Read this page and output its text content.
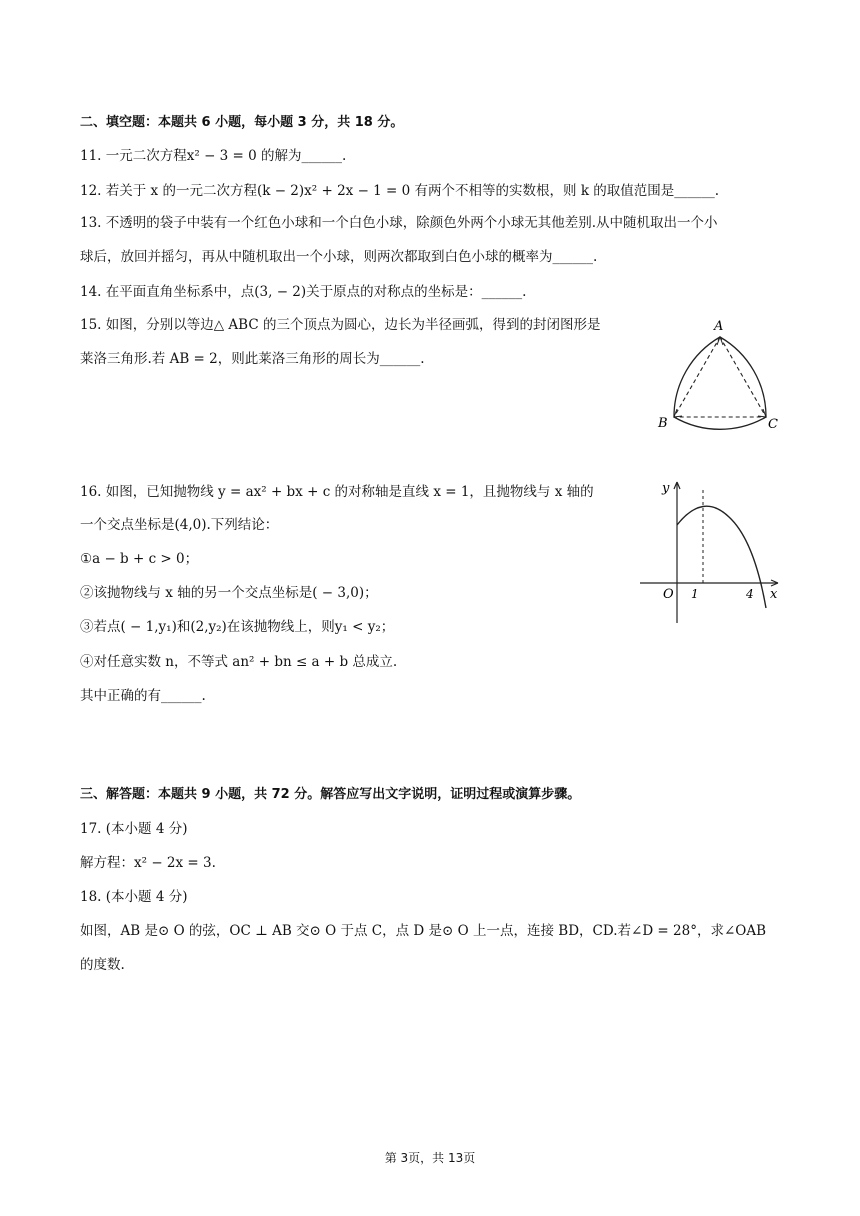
二、填空题：本题共 6 小题，每小题 3 分，共 18 分。
11. 一元二次方程x² − 3 = 0 的解为______.
12. 若关于 x 的一元二次方程(k − 2)x² + 2x − 1 = 0 有两个不相等的实数根，则 k 的取值范围是______.
13. 不透明的袋子中装有一个红色小球和一个白色小球，除颜色外两个小球无其他差别.从中随机取出一个小
球后，放回并摇匀，再从中随机取出一个小球，则两次都取到白色小球的概率为______.
14. 在平面直角坐标系中，点(3, − 2)关于原点的对称点的坐标是：______.
15. 如图，分别以等边△ ABC 的三个顶点为圆心，边长为半径画弧，得到的封闭图形是
莱洛三角形.若 AB = 2，则此莱洛三角形的周长为______.
A
B	C
16. 如图，已知抛物线 y = ax² + bx + c 的对称轴是直线 x = 1，且抛物线与 x 轴的
一个交点坐标是(4,0).下列结论：
①a − b + c > 0；
②该抛物线与 x 轴的另一个交点坐标是( − 3,0)；
③若点( − 1,y₁)和(2,y₂)在该抛物线上，则y₁ < y₂；
④对任意实数 n，不等式 an² + bn ≤ a + b 总成立.
其中正确的有______.
y
x
O 1	4
三、解答题：本题共 9 小题，共 72 分。解答应写出文字说明，证明过程或演算步骤。
17. (本小题 4 分)
解方程：x² − 2x = 3.
18. (本小题 4 分)
如图，AB 是⊙ O 的弦，OC ⊥ AB 交⊙ O 于点 C，点 D 是⊙ O 上一点，连接 BD，CD.若∠D = 28°，求∠OAB
的度数.
第 3页，共 13页
